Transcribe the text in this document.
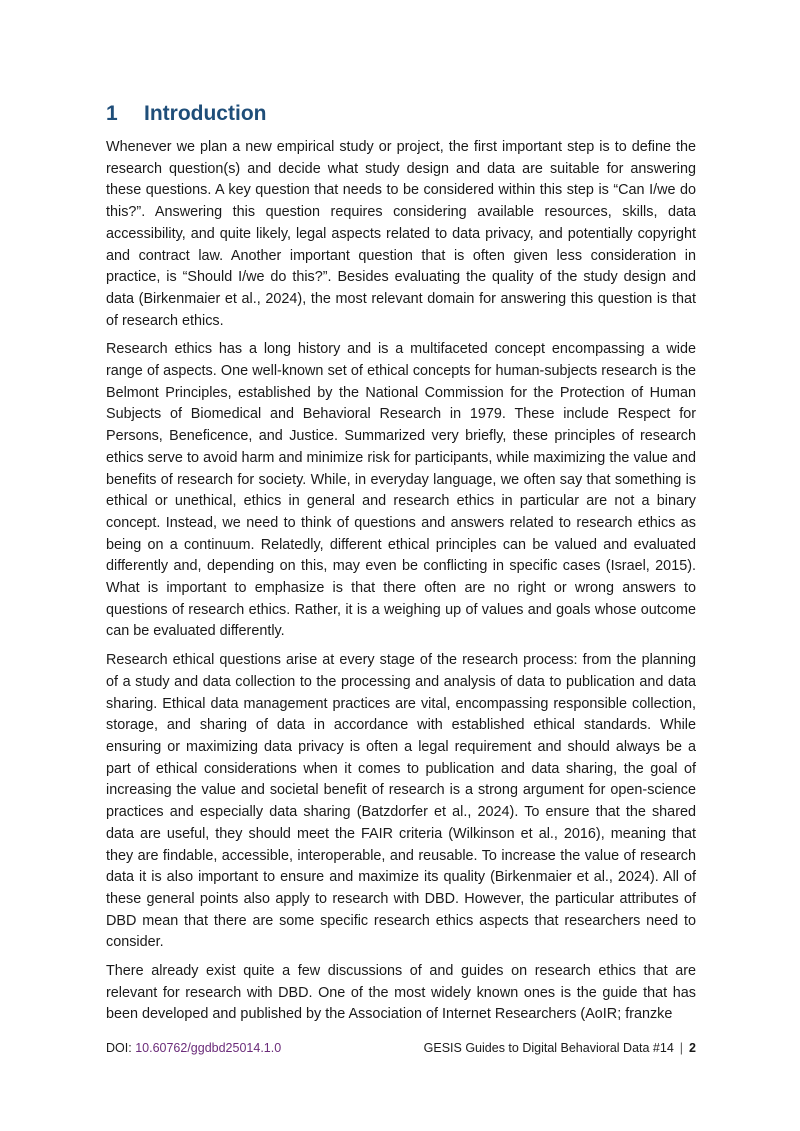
1 Introduction

Whenever we plan a new empirical study or project, the first important step is to define the research question(s) and decide what study design and data are suitable for answering these questions. A key question that needs to be considered within this step is “Can I/we do this?”. Answering this question requires considering available resources, skills, data accessibility, and quite likely, legal aspects related to data privacy, and potentially copyright and contract law. Another important question that is often given less consideration in practice, is “Should I/we do this?”. Besides evaluating the quality of the study design and data (Birkenmaier et al., 2024), the most relevant domain for answering this question is that of research ethics.

Research ethics has a long history and is a multifaceted concept encompassing a wide range of aspects. One well-known set of ethical concepts for human-subjects research is the Belmont Principles, established by the National Commission for the Protection of Human Subjects of Biomedical and Behavioral Research in 1979. These include Respect for Persons, Beneficence, and Justice. Summarized very briefly, these principles of research ethics serve to avoid harm and minimize risk for participants, while maximizing the value and benefits of research for society. While, in everyday language, we often say that something is ethical or unethical, ethics in general and research ethics in particular are not a binary concept. Instead, we need to think of questions and answers related to research ethics as being on a continuum. Relatedly, different ethical principles can be valued and evaluated differently and, depending on this, may even be conflicting in specific cases (Israel, 2015). What is important to emphasize is that there often are no right or wrong answers to questions of research ethics. Rather, it is a weighing up of values and goals whose outcome can be evaluated differently.

Research ethical questions arise at every stage of the research process: from the planning of a study and data collection to the processing and analysis of data to publication and data sharing. Ethical data management practices are vital, encompassing responsible collection, storage, and sharing of data in accordance with established ethical standards. While ensuring or maximizing data privacy is often a legal requirement and should always be a part of ethical considerations when it comes to publication and data sharing, the goal of increasing the value and societal benefit of research is a strong argument for open-science practices and especially data sharing (Batzdorfer et al., 2024). To ensure that the shared data are useful, they should meet the FAIR criteria (Wilkinson et al., 2016), meaning that they are findable, accessible, interoperable, and reusable. To increase the value of research data it is also important to ensure and maximize its quality (Birkenmaier et al., 2024). All of these general points also apply to research with DBD. However, the particular attributes of DBD mean that there are some specific research ethics aspects that researchers need to consider.

There already exist quite a few discussions of and guides on research ethics that are relevant for research with DBD. One of the most widely known ones is the guide that has been developed and published by the Association of Internet Researchers (AoIR; franzke

DOI: 10.60762/ggdbd25014.1.0	GESIS Guides to Digital Behavioral Data #14 | 2
